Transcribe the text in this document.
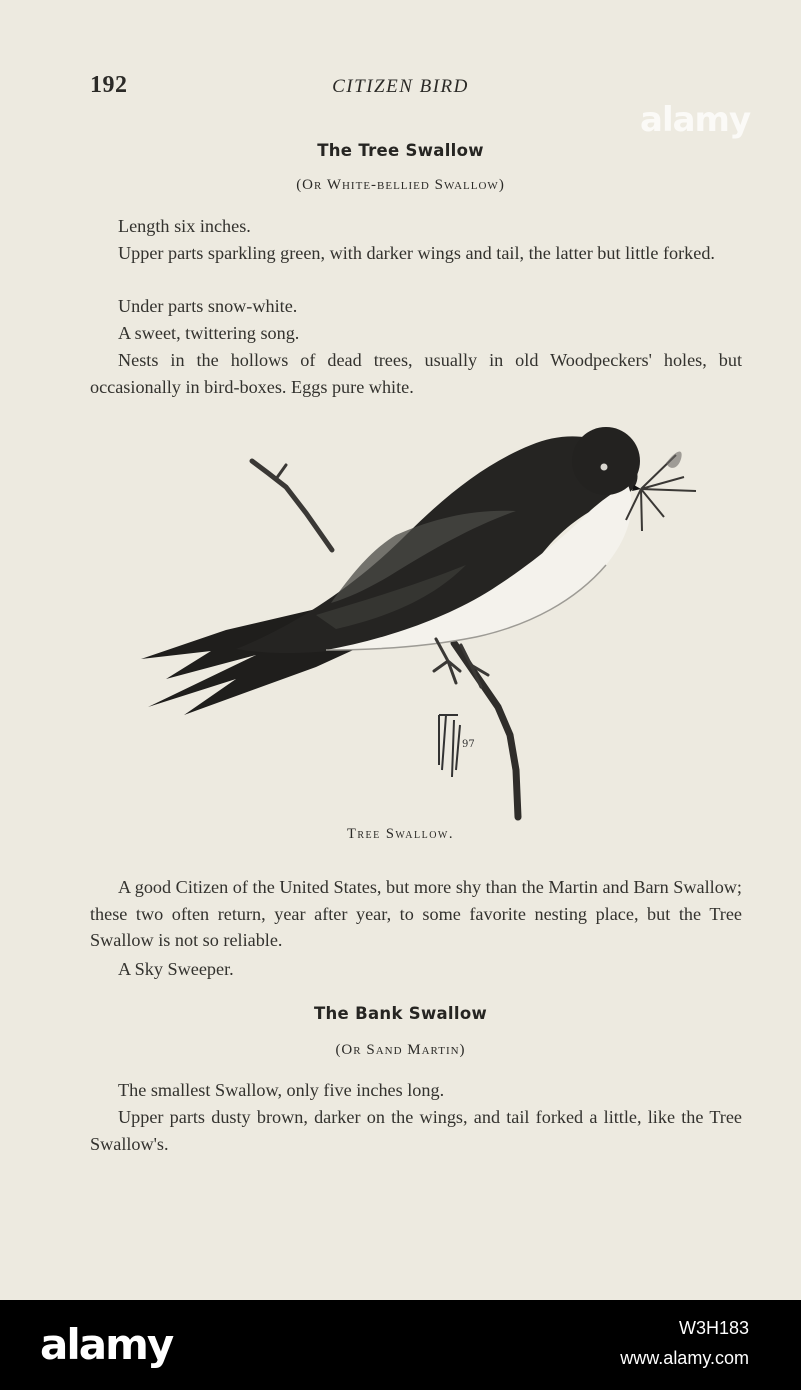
192	CITIZEN BIRD
alamy
The Tree Swallow
(Or White-bellied Swallow)
Length six inches.
Upper parts sparkling green, with darker wings and tail, the latter but little forked.
Under parts snow-white.
A sweet, twittering song.
Nests in the hollows of dead trees, usually in old Woodpeckers' holes, but occasionally in bird-boxes. Eggs pure white.
97
Tree Swallow.
A good Citizen of the United States, but more shy than the Martin and Barn Swallow; these two often return, year after year, to some favorite nesting place, but the Tree Swallow is not so reliable.
A Sky Sweeper.
The Bank Swallow
(Or Sand Martin)
The smallest Swallow, only five inches long.
Upper parts dusty brown, darker on the wings, and tail forked a little, like the Tree Swallow's.
alamy	W3H183
www.alamy.com
